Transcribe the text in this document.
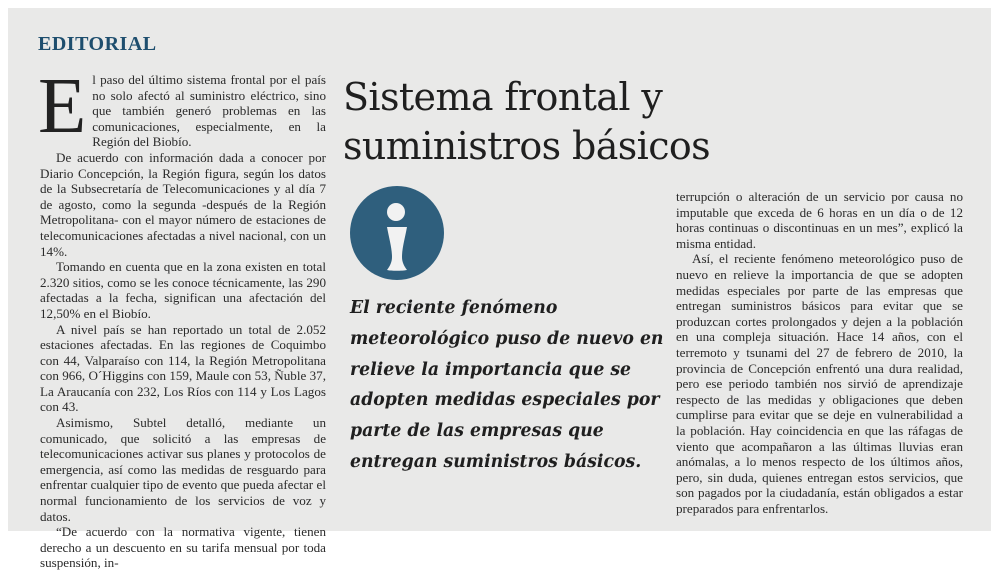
EDITORIAL

El paso del último sistema frontal por el país no solo afectó al suministro eléctrico, sino que también generó problemas en las comunicaciones, especialmente, en la Región del Biobío.

De acuerdo con información dada a conocer por Diario Concepción, la Región figura, según los datos de la Subsecretaría de Telecomunicaciones y al día 7 de agosto, como la segunda -después de la Región Metropolitana- con el mayor número de estaciones de telecomunicaciones afectadas a nivel nacional, con un 14%.

Tomando en cuenta que en la zona existen en total 2.320 sitios, como se les conoce técnicamente, las 290 afectadas a la fecha, significan una afectación del 12,50% en el Biobío.

A nivel país se han reportado un total de 2.052 estaciones afectadas. En las regiones de Coquimbo con 44, Valparaíso con 114, la Región Metropolitana con 966, O´Higgins con 159, Maule con 53, Ñuble 37, La Araucanía con 232, Los Ríos con 114 y Los Lagos con 43.

Asimismo, Subtel detalló, mediante un comunicado, que solicitó a las empresas de telecomunicaciones activar sus planes y protocolos de emergencia, así como las medidas de resguardo para enfrentar cualquier tipo de evento que pueda afectar el normal funcionamiento de los servicios de voz y datos.

“De acuerdo con la normativa vigente, tienen derecho a un descuento en su tarifa mensual por toda suspensión, in-

Sistema frontal y
suministros básicos
El reciente fenómeno
meteorológico puso de nuevo en
relieve la importancia que se
adopten medidas especiales por
parte de las empresas que
entregan suministros básicos.

terrupción o alteración de un servicio por causa no imputable que exceda de 6 horas en un día o de 12 horas continuas o discontinuas en un mes”, explicó la misma entidad.

Así, el reciente fenómeno meteorológico puso de nuevo en relieve la importancia de que se adopten medidas especiales por parte de las empresas que entregan suministros básicos para evitar que se produzcan cortes prolongados y dejen a la población en una compleja situación. Hace 14 años, con el terremoto y tsunami del 27 de febrero de 2010, la provincia de Concepción enfrentó una dura realidad, pero ese periodo también nos sirvió de aprendizaje respecto de las medidas y obligaciones que deben cumplirse para evitar que se deje en vulnerabilidad a la población. Hay coincidencia en que las ráfagas de viento que acompañaron a las últimas lluvias eran anómalas, a lo menos respecto de los últimos años, pero, sin duda, quienes entregan estos servicios, que son pagados por la ciudadanía, están obligados a estar preparados para enfrentarlos.
